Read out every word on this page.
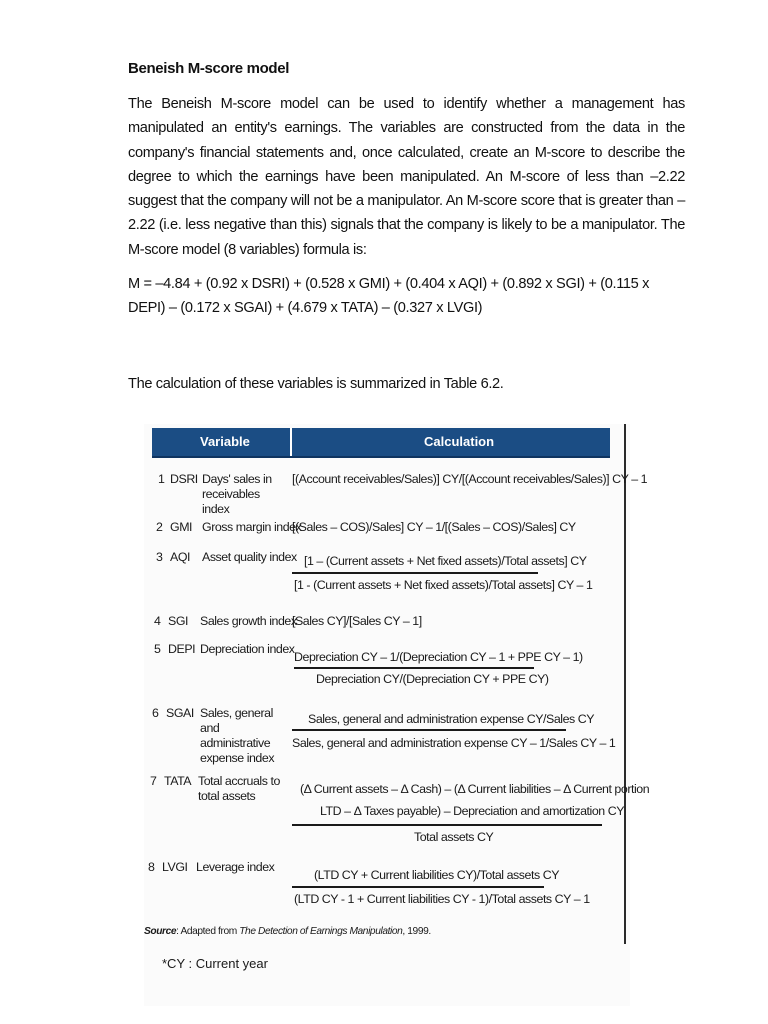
Beneish M-score model
The Beneish M-score model can be used to identify whether a management has manipulated an entity's earnings. The variables are constructed from the data in the company's financial statements and, once calculated, create an M-score to describe the degree to which the earnings have been manipulated. An M-score of less than –2.22 suggest that the company will not be a manipulator. An M-score score that is greater than –2.22 (i.e. less negative than this) signals that the company is likely to be a manipulator. The M-score model (8 variables) formula is:
M = –4.84 + (0.92 x DSRI) + (0.528 x GMI) + (0.404 x AQI) + (0.892 x SGI) + (0.115 x DEPI) – (0.172 x SGAI) + (4.679 x TATA) – (0.327 x LVGI)
The calculation of these variables is summarized in Table 6.2.
Variable	Calculation
1 DSRI Days' sales in receivables index
[(Account receivables/Sales)] CY/[(Account receivables/Sales)] CY – 1
2 GMI Gross margin index
[(Sales – COS)/Sales] CY – 1/[(Sales – COS)/Sales] CY
3 AQI Asset quality index [1 – (Current assets + Net fixed assets)/Total assets] CY
[1 - (Current assets + Net fixed assets)/Total assets] CY – 1
4 SGI Sales growth index
[Sales CY]/[Sales CY – 1]
5 DEPI Depreciation index
Depreciation CY – 1/(Depreciation CY – 1 + PPE CY – 1)
Depreciation CY/(Depreciation CY + PPE CY)
6 SGAI Sales, general and administrative expense index
Sales, general and administration expense CY/Sales CY
Sales, general and administration expense CY – 1/Sales CY – 1
7 TATA Total accruals to total assets	(Δ Current assets – Δ Cash) – (Δ Current liabilities – Δ Current portion
LTD – Δ Taxes payable) – Depreciation and amortization CY
Total assets CY
8 LVGI Leverage index
(LTD CY + Current liabilities CY)/Total assets CY
(LTD CY - 1 + Current liabilities CY - 1)/Total assets CY – 1
Source: Adapted from The Detection of Earnings Manipulation, 1999.
*CY : Current year
